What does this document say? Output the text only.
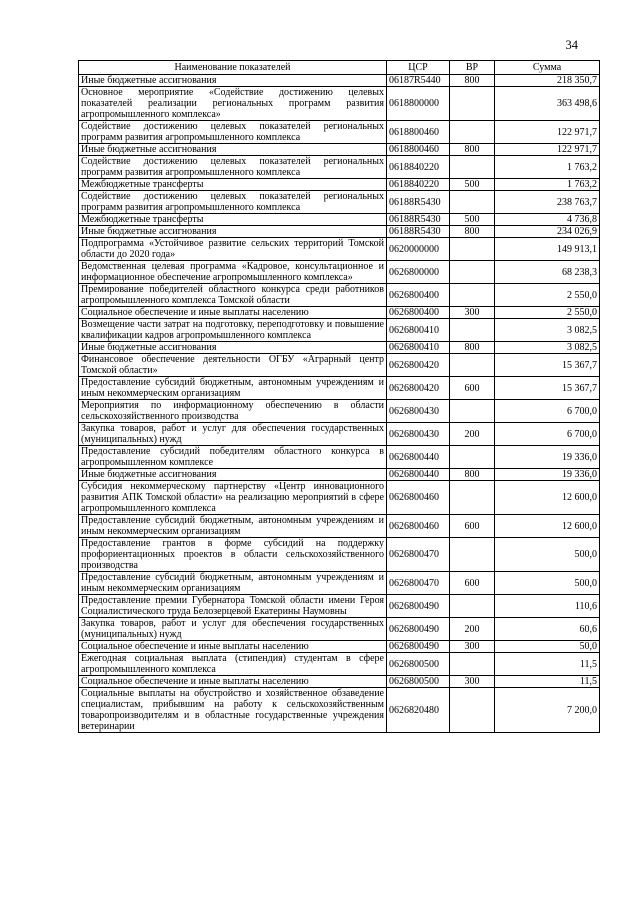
34
Наименование показателей	ЦСР	ВР	Сумма
Иные бюджетные ассигнования	06187R5440	800	218 350,7
Основное мероприятие «Содействие достижению целевых показателей реализации региональных программ развития агропромышленного комплекса»	0618800000		363 498,6
Содействие достижению целевых показателей региональных программ развития агропромышленного комплекса	0618800460		122 971,7
Иные бюджетные ассигнования	0618800460	800	122 971,7
Содействие достижению целевых показателей региональных программ развития агропромышленного комплекса	0618840220		1 763,2
Межбюджетные трансферты	0618840220	500	1 763,2
Содействие достижению целевых показателей региональных программ развития агропромышленного комплекса	06188R5430		238 763,7
Межбюджетные трансферты	06188R5430	500	4 736,8
Иные бюджетные ассигнования	06188R5430	800	234 026,9
Подпрограмма «Устойчивое развитие сельских территорий Томской области до 2020 года»	0620000000		149 913,1
Ведомственная целевая программа «Кадровое, консультационное и информационное обеспечение агропромышленного комплекса»	0626800000		68 238,3
Премирование победителей областного конкурса среди работников агропромышленного комплекса Томской области	0626800400		2 550,0
Социальное обеспечение и иные выплаты населению	0626800400	300	2 550,0
Возмещение части затрат на подготовку, переподготовку и повышение квалификации кадров агропромышленного комплекса	0626800410		3 082,5
Иные бюджетные ассигнования	0626800410	800	3 082,5
Финансовое обеспечение деятельности ОГБУ «Аграрный центр Томской области»	0626800420		15 367,7
Предоставление субсидий бюджетным, автономным учреждениям и иным некоммерческим организациям	0626800420	600	15 367,7
Мероприятия по информационному обеспечению в области сельскохозяйственного производства	0626800430		6 700,0
Закупка товаров, работ и услуг для обеспечения государственных (муниципальных) нужд	0626800430	200	6 700,0
Предоставление субсидий победителям областного конкурса в агропромышленном комплексе	0626800440		19 336,0
Иные бюджетные ассигнования	0626800440	800	19 336,0
Субсидия некоммерческому партнерству «Центр инновационного развития АПК Томской области» на реализацию мероприятий в сфере агропромышленного комплекса	0626800460		12 600,0
Предоставление субсидий бюджетным, автономным учреждениям и иным некоммерческим организациям	0626800460	600	12 600,0
Предоставление грантов в форме субсидий на поддержку профориентационных проектов в области сельскохозяйственного производства	0626800470		500,0
Предоставление субсидий бюджетным, автономным учреждениям и иным некоммерческим организациям	0626800470	600	500,0
Предоставление премии Губернатора Томской области имени Героя Социалистического труда Белозерцевой Екатерины Наумовны	0626800490		110,6
Закупка товаров, работ и услуг для обеспечения государственных (муниципальных) нужд	0626800490	200	60,6
Социальное обеспечение и иные выплаты населению	0626800490	300	50,0
Ежегодная социальная выплата (стипендия) студентам в сфере агропромышленного комплекса	0626800500		11,5
Социальное обеспечение и иные выплаты населению	0626800500	300	11,5
Социальные выплаты на обустройство и хозяйственное обзаведение специалистам, прибывшим на работу к сельскохозяйственным товаропроизводителям и в областные государственные учреждения ветеринарии	0626820480		7 200,0
